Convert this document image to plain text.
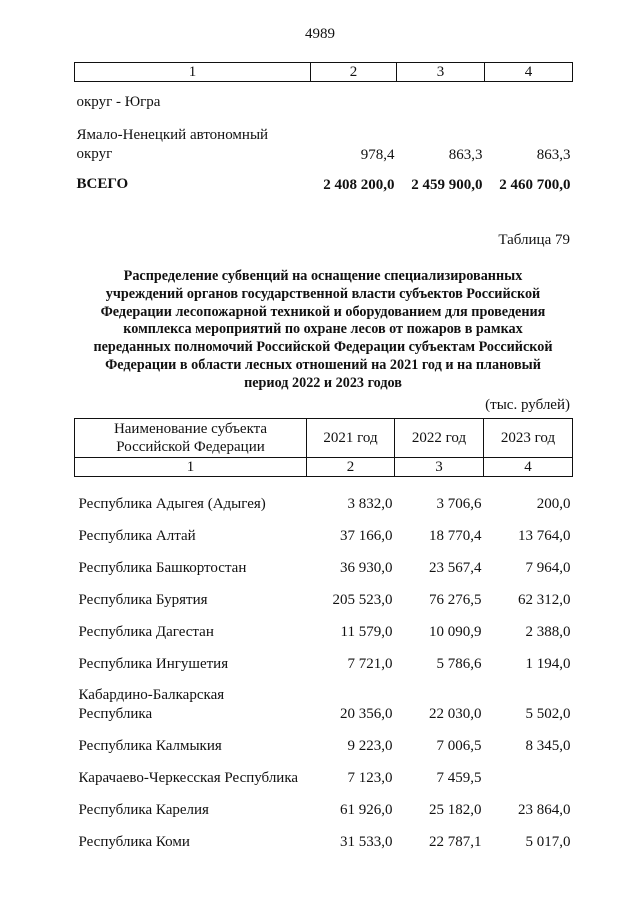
4989
1	2	3	4
округ - Югра			
Ямало-Ненецкий автономный
округ	978,4	863,3	863,3
ВСЕГО	2 408 200,0	2 459 900,0	2 460 700,0
Таблица 79
Распределение субвенций на оснащение специализированных
учреждений органов государственной власти субъектов Российской
Федерации лесопожарной техникой и оборудованием для проведения
комплекса мероприятий по охране лесов от пожаров в рамках
переданных полномочий Российской Федерации субъектам Российской
Федерации в области лесных отношений на 2021 год и на плановый
период 2022 и 2023 годов
(тыс. рублей)
Наименование субъекта
Российской Федерации	2021 год	2022 год	2023 год
1	2	3	4
Республика Адыгея (Адыгея)	3 832,0	3 706,6	200,0
Республика Алтай	37 166,0	18 770,4	13 764,0
Республика Башкортостан	36 930,0	23 567,4	7 964,0
Республика Бурятия	205 523,0	76 276,5	62 312,0
Республика Дагестан	11 579,0	10 090,9	2 388,0
Республика Ингушетия	7 721,0	5 786,6	1 194,0
Кабардино-Балкарская
Республика	20 356,0	22 030,0	5 502,0
Республика Калмыкия	9 223,0	7 006,5	8 345,0
Карачаево-Черкесская Республика	7 123,0	7 459,5	
Республика Карелия	61 926,0	25 182,0	23 864,0
Республика Коми	31 533,0	22 787,1	5 017,0
